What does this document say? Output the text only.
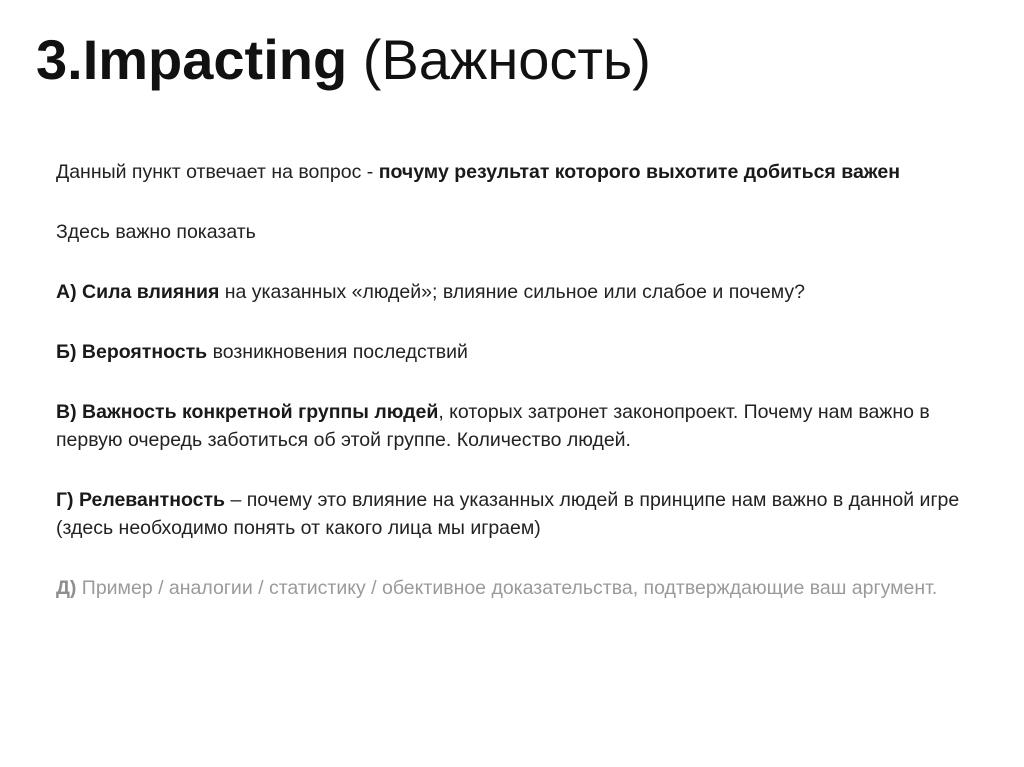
3.Impacting (Важность)

Данный пункт отвечает на вопрос - почуму результат которого выхотите добиться важен

Здесь важно показать

А) Сила влияния на указанных «людей»; влияние сильное или слабое и почему?

Б) Вероятность возникновения последствий

В) Важность конкретной группы людей, которых затронет законопроект. Почему нам важно в первую очередь заботиться об этой группе. Количество людей.

Г) Релевантность – почему это влияние на указанных людей в принципе нам важно в данной игре (здесь необходимо понять от какого лица мы играем)

Д) Пример / аналогии / статистику / обективное доказательства, подтверждающие ваш аргумент.
